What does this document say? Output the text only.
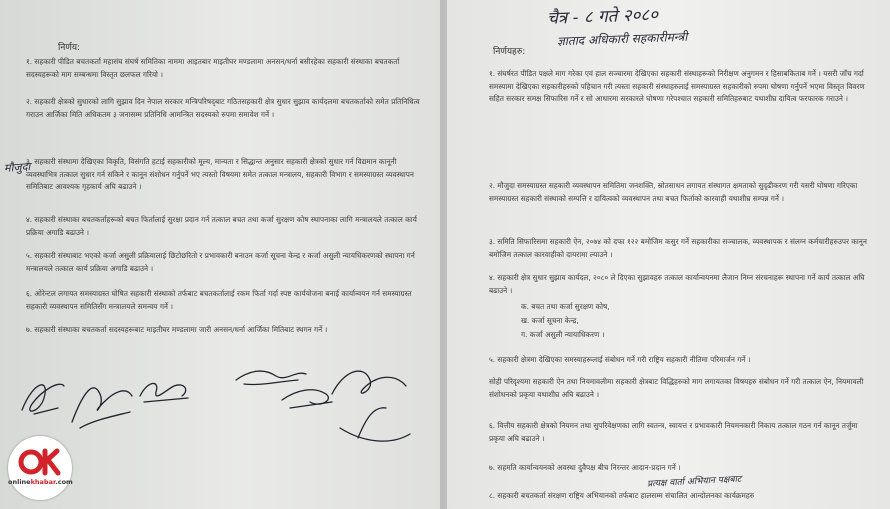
निर्णय:

१. सहकारी पीडित बचतकर्ता महासंघ संघर्ष समितिका नाममा आइतबार माइतीघर मण्डलामा अनसन/धर्ना बसीरहेका सहकारी संस्थाका बचतकर्ता सदस्यहरूको माग सम्बन्धमा विस्तृत छलफल गरियो ।

२. सहकारी क्षेत्रको सुधारको लागि सुझाव दिन नेपाल सरकार मन्त्रिपरिषद्‌बाट गठितसहकारी क्षेत्र सुधार सुझाव कार्यदलमा बचतकर्ताको समेत प्रतिनिधित्व गराउन आर्जिका मिति अधिकतम ३ जनासम्म प्रतिनिधि आमन्त्रित सदस्यको रुपमा समावेश गर्ने ।

३. सहकारी संस्थामा देखिएका विकृति, विसंगति हटाई सहकारीको मूल्य, मान्यता र सिद्धान्त अनुसार सहकारी क्षेत्रको सुधार गर्न विद्यमान कानूनी व्यवस्थाभित्र तत्काल सुधार गर्न सकिने र कानून संशोधन गर्नुपर्ने भए त्यस्तो विषयमा समेत तत्काल मन्त्रालय, सहकारी विभाग र समस्याग्रस्त व्यवस्थापन समितिबाट आवश्यक गृहकार्य अघि बढाउने ।

४. सहकारी संस्थाका बचतकर्ताहरूको बचत फिर्तालाई सुरक्षा प्रदान गर्न तत्काल बचत तथा कर्जा सुरक्षण कोष स्थापनाका लागि मन्त्रालयले तत्काल कार्य प्रक्रिया अगाडि बढाउने ।

५. सहकारी संस्थाबाट भएको कर्जा असुली प्रक्रियालाई छिटोछरितो र प्रभावकारी बनाउन कर्जा सूचना केन्द्र र कर्जा असुली न्यायधिकरणको स्थापना गर्न मन्त्रालयले तत्काल कार्य प्रक्रिया अगाडि बढाउने ।

६. ओरेन्टल लगायत समस्याग्रस्त घोषित सहकारी संस्थाको तर्फबाट बचतकर्तालाई रकम फिर्ता गर्दा स्पष्ट कार्ययोजना बनाई कार्यान्वयन गर्न समस्याग्रस्त सहकारी व्यवस्थापन समितिसँग मन्त्रालयले समन्वय गर्ने ।

७. सहकारी संस्थाका बचतकर्ता सदस्यहरूबाट माइतीघर मण्डलामा जारी अनसन/धर्ना आर्जिका मितिबाट स्थगन गर्ने ।

मौजुदा
onlinekhabar.com
चैत्र - ८ गते २०८०
ज्ञाताद अधिकारी सहकारीमन्त्री
निर्णयहरु:

१. संघर्षरत पीडित पक्षले माग गरेका एवं हाल सञ्चारमा देखिएका सहकारी संस्थाहरूको निरीक्षण अनुगमन र हिसाबकिताब गर्ने । यसरी जाँच गर्दा समस्यामा देखिएका सहकारीहरुको पहिचान गरी त्यस्ता सहकारी संस्थाहरुलाई समस्याग्रस्त सहकारीको रुपमा घोषणा गर्नुपर्ने भएमा विस्तृत विवरण सहित सरकार समक्ष सिफारिस गर्ने र सो आधारमा सरकारले घोषणा गरेपश्चात सहकारी समितिहरुबाट यथाशीघ्र दायित्व फरफारक गराउने ।

२. मौजुदा समस्याग्रस्त सहकारी व्यवस्थापन समितिमा जनशक्ति, स्रोतसाधन लगायत संस्थागत क्षमताको सुदृढीकरण गरी यसरी घोषणा गरिएका समस्याग्रस्त सहकारी संस्थाको सम्पत्ति र दायित्वको व्यवस्थापन तथा बचत फिर्ताको कारवाही यथाशीघ्र सम्पन्न गर्ने ।

३. समिति सिफारिसमा सहकारी ऐन, २०७४ को दफा १२२ बमोजिम कसुर गर्ने सहकारीका सञ्चालक, व्यवस्थापक र संलग्न कर्मचारीहरुउपर कानून बमोजिम तत्काल कारवाहीको दायरामा ल्याउने ।

४. सहकारी क्षेत्र सुधार सुझाव कार्यदल, २०८० ले दिएका सुझावहरु तत्काल कार्यान्वयनमा लैजान निम्न संरचनाहरू स्थापना गर्ने कार्य तत्काल अघि बढाउने ।

क. बचत तथा कर्जा सुरक्षण कोष,
ख. कर्जा सूचना केन्द्र,
ग. कर्जा असुली न्यायाधिकरण ।

५. सहकारी क्षेत्रमा देखिएका समस्याहरूलाई संबोधन गर्ने गरी राष्ट्रिय सहकारी नीतिमा परिमार्जन गर्ने ।

सोही परिदृश्यमा सहकारी ऐन तथा नियमावलीमा सहकारी क्षेत्रबाट विद्धिहरुको माग लगायतका विषयहरु संबोधन गर्ने गरी तत्काल ऐन, नियमावली संशोधनको प्रकृया यथाशीघ्र अघि बढाउने ।

६. वित्तीय सहकारी क्षेत्रको नियमन तथा सुपरिवेक्षणका लागि स्वतन्त्र, स्वायत्त र प्रभावकारी नियमनकारी निकाय तत्काल गठन गर्न कानून तर्जुमा प्रकृया अघि बढाउने ।

७. सहमति कार्यान्वयनको अवस्था दुवैपक्ष बीच निरन्तर आदान-प्रदान गर्ने ।

८. सहकारी बचतकर्ता संरक्षण राष्ट्रिय अभियानको तर्फबाट हालसम्म संचालित आन्दोलनका कार्यक्रमहरु

प्रत्यक्ष वार्ता अभियान पक्षबाट
